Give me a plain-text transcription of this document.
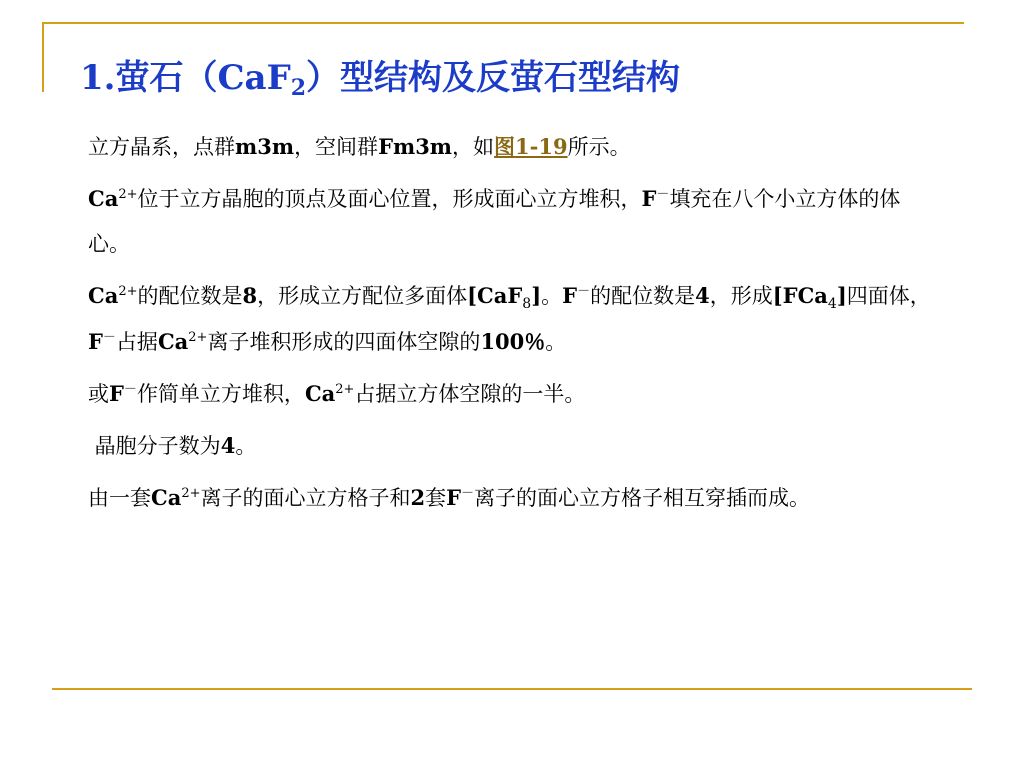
1.萤石（CaF$_2$）型结构及反萤石型结构

立方晶系，点群m3m，空间群Fm3m，如图1-19所示。

$Ca^{2+}$位于立方晶胞的顶点及面心位置，形成面心立方堆积，F－填充在八个小立方体的体心。

$Ca^{2+}$的配位数是8，形成立方配位多面体[CaF$_8$]。F－的配位数是4，形成[FCa$_4$]四面体，F－占据$Ca^{2+}$离子堆积形成的四面体空隙的100％。

或F－作简单立方堆积，$Ca^{2+}$占据立方体空隙的一半。

晶胞分子数为4。

由一套$Ca^{2+}$离子的面心立方格子和2套F－离子的面心立方格子相互穿插而成。
